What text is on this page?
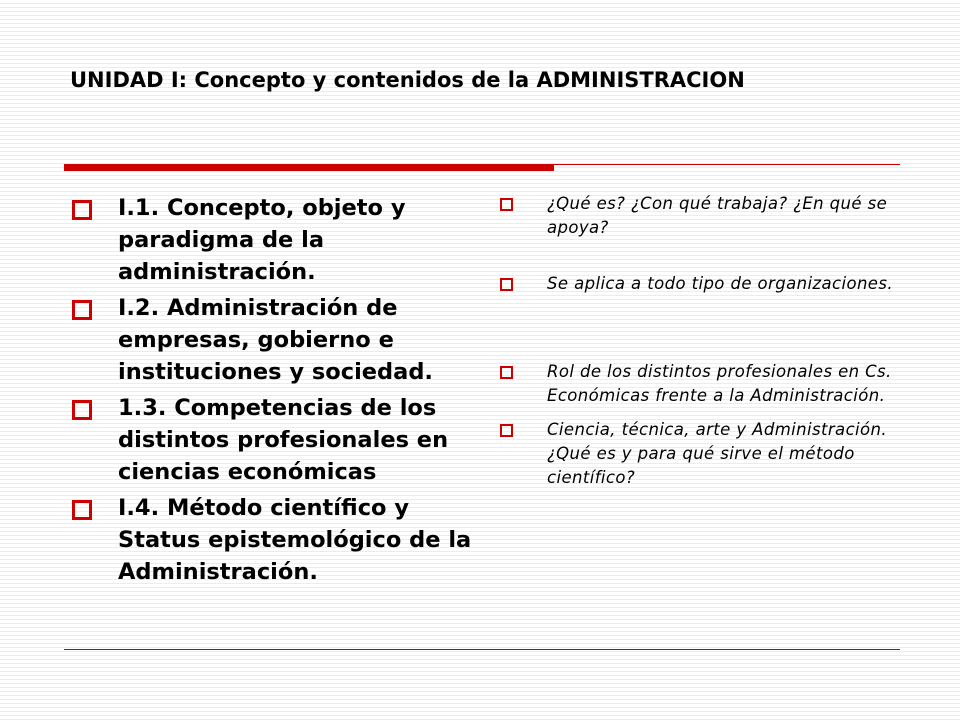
UNIDAD I: Concepto y contenidos de la ADMINISTRACION
I.1. Concepto, objeto y paradigma de la administración.
I.2. Administración de empresas, gobierno e instituciones y sociedad.
1.3. Competencias de los distintos profesionales en ciencias económicas
I.4. Método científico y Status epistemológico de la Administración.
¿Qué es? ¿Con qué trabaja? ¿En qué se apoya?
Se aplica a todo tipo de organizaciones.
Rol de los distintos profesionales en Cs. Económicas frente a la Administración.
Ciencia, técnica, arte y Administración. ¿Qué es y para qué sirve el método científico?
